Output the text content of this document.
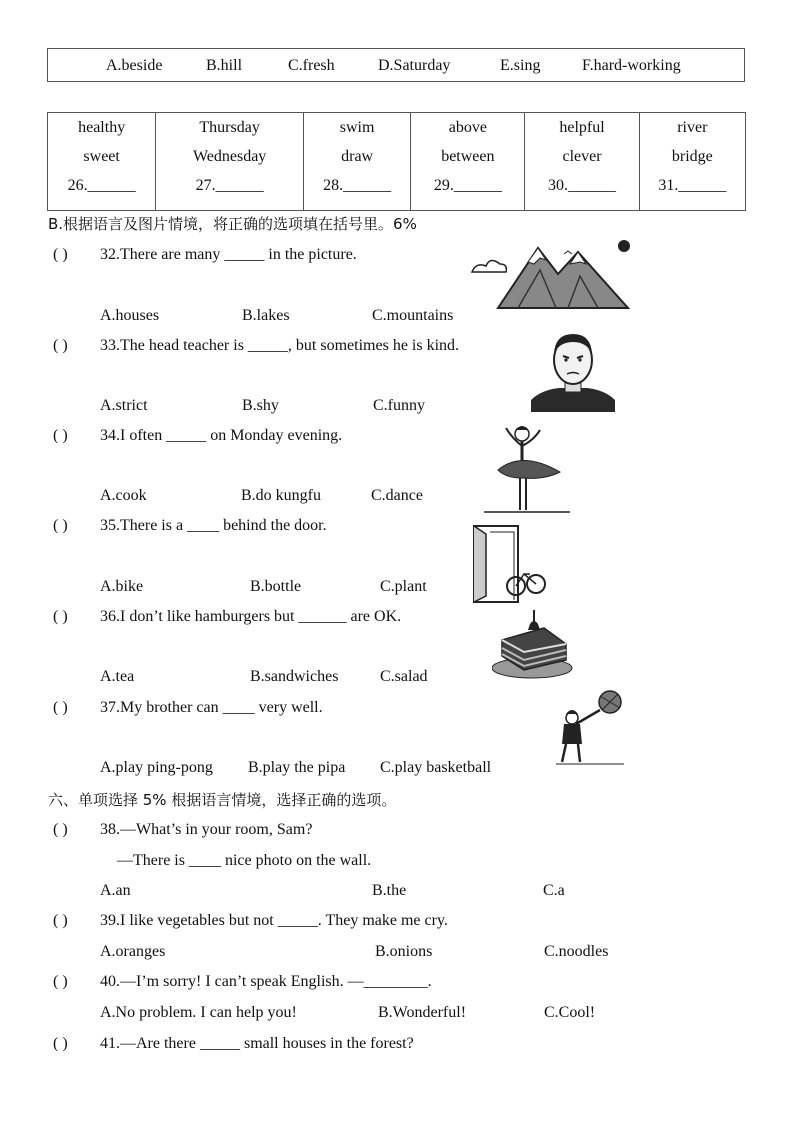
A.beside	B.hill	C.fresh	D.Saturday	E.sing	F.hard-working
healthy
sweet
26.______

Thursday
Wednesday
27.______

swim
draw
28.______

above
between
29.______

helpful
clever
30.______

river
bridge
31.______
B.根据语言及图片情境，将正确的选项填在括号里。6%
( ) 32.There are many _____ in the picture.
A.houses	B.lakes	C.mountains
( ) 33.The head teacher is _____, but sometimes he is kind.
A.strict	B.shy	C.funny
( ) 34.I often _____ on Monday evening.
A.cook	B.do kungfu	C.dance
( ) 35.There is a ____ behind the door.
A.bike	B.bottle	C.plant
( ) 36.I don’t like hamburgers but ______ are OK.
A.tea	B.sandwiches	C.salad
( ) 37.My brother can ____ very well.
A.play ping-pong B.play the pipa C.play basketball
六、单项选择 5% 根据语言情境，选择正确的选项。
( ) 38.—What’s in your room, Sam?
—There is ____ nice photo on the wall.
A.an	B.the	C.a
( ) 39.I like vegetables but not _____. They make me cry.
A.oranges	B.onions	C.noodles
( ) 40.—I’m sorry! I can’t speak English. —________.
A.No problem. I can help you!	B.Wonderful!	C.Cool!
( ) 41.—Are there _____ small houses in the forest?
